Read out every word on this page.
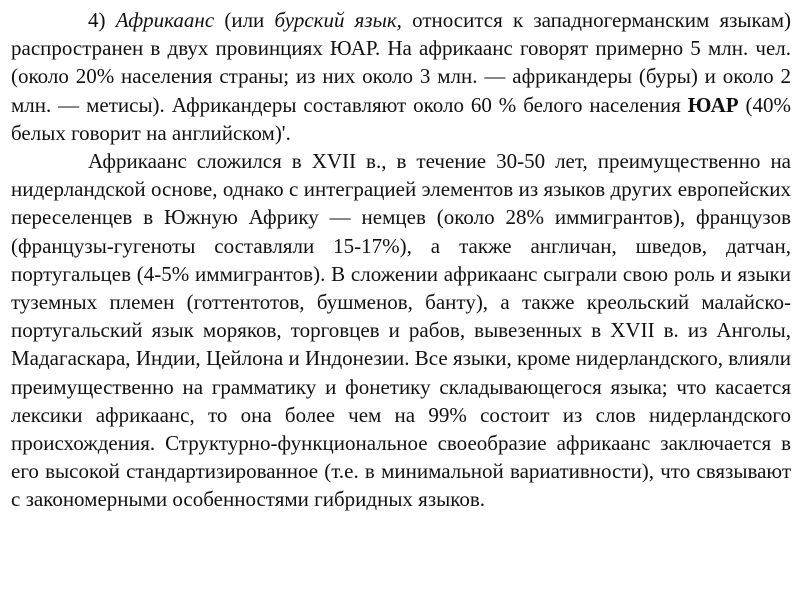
4) Африкаанс (или бурский язык, относится к западногерманским языкам) распространен в двух провинциях ЮАР. На африкаанс говорят примерно 5 млн. чел. (около 20% населения страны; из них около 3 млн. — африкандеры (буры) и около 2 млн. — метисы). Африкандеры составляют около 60 % белого населения ЮАР (40% белых говорит на английском)'.

Африкаанс сложился в XVII в., в течение 30-50 лет, преимущественно на нидерландской основе, однако с интеграцией элементов из языков других европейских переселенцев в Южную Африку — немцев (около 28% иммигрантов), французов (французы-гугеноты составляли 15-17%), а также англичан, шведов, датчан, португальцев (4-5% иммигрантов). В сложении африкаанс сыграли свою роль и языки туземных племен (готтентотов, бушменов, банту), а также креольский малайско-португальский язык моряков, торговцев и рабов, вывезенных в XVII в. из Анголы, Мадагаскара, Индии, Цейлона и Индонезии. Все языки, кроме нидерландского, влияли преимущественно на грамматику и фонетику складывающегося языка; что касается лексики африкаанс, то она более чем на 99% состоит из слов нидерландского происхождения. Структурно-функциональное своеобразие африкаанс заключается в его высокой стандартизированное (т.е. в минимальной вариативности), что связывают с закономерными особенностями гибридных языков.
